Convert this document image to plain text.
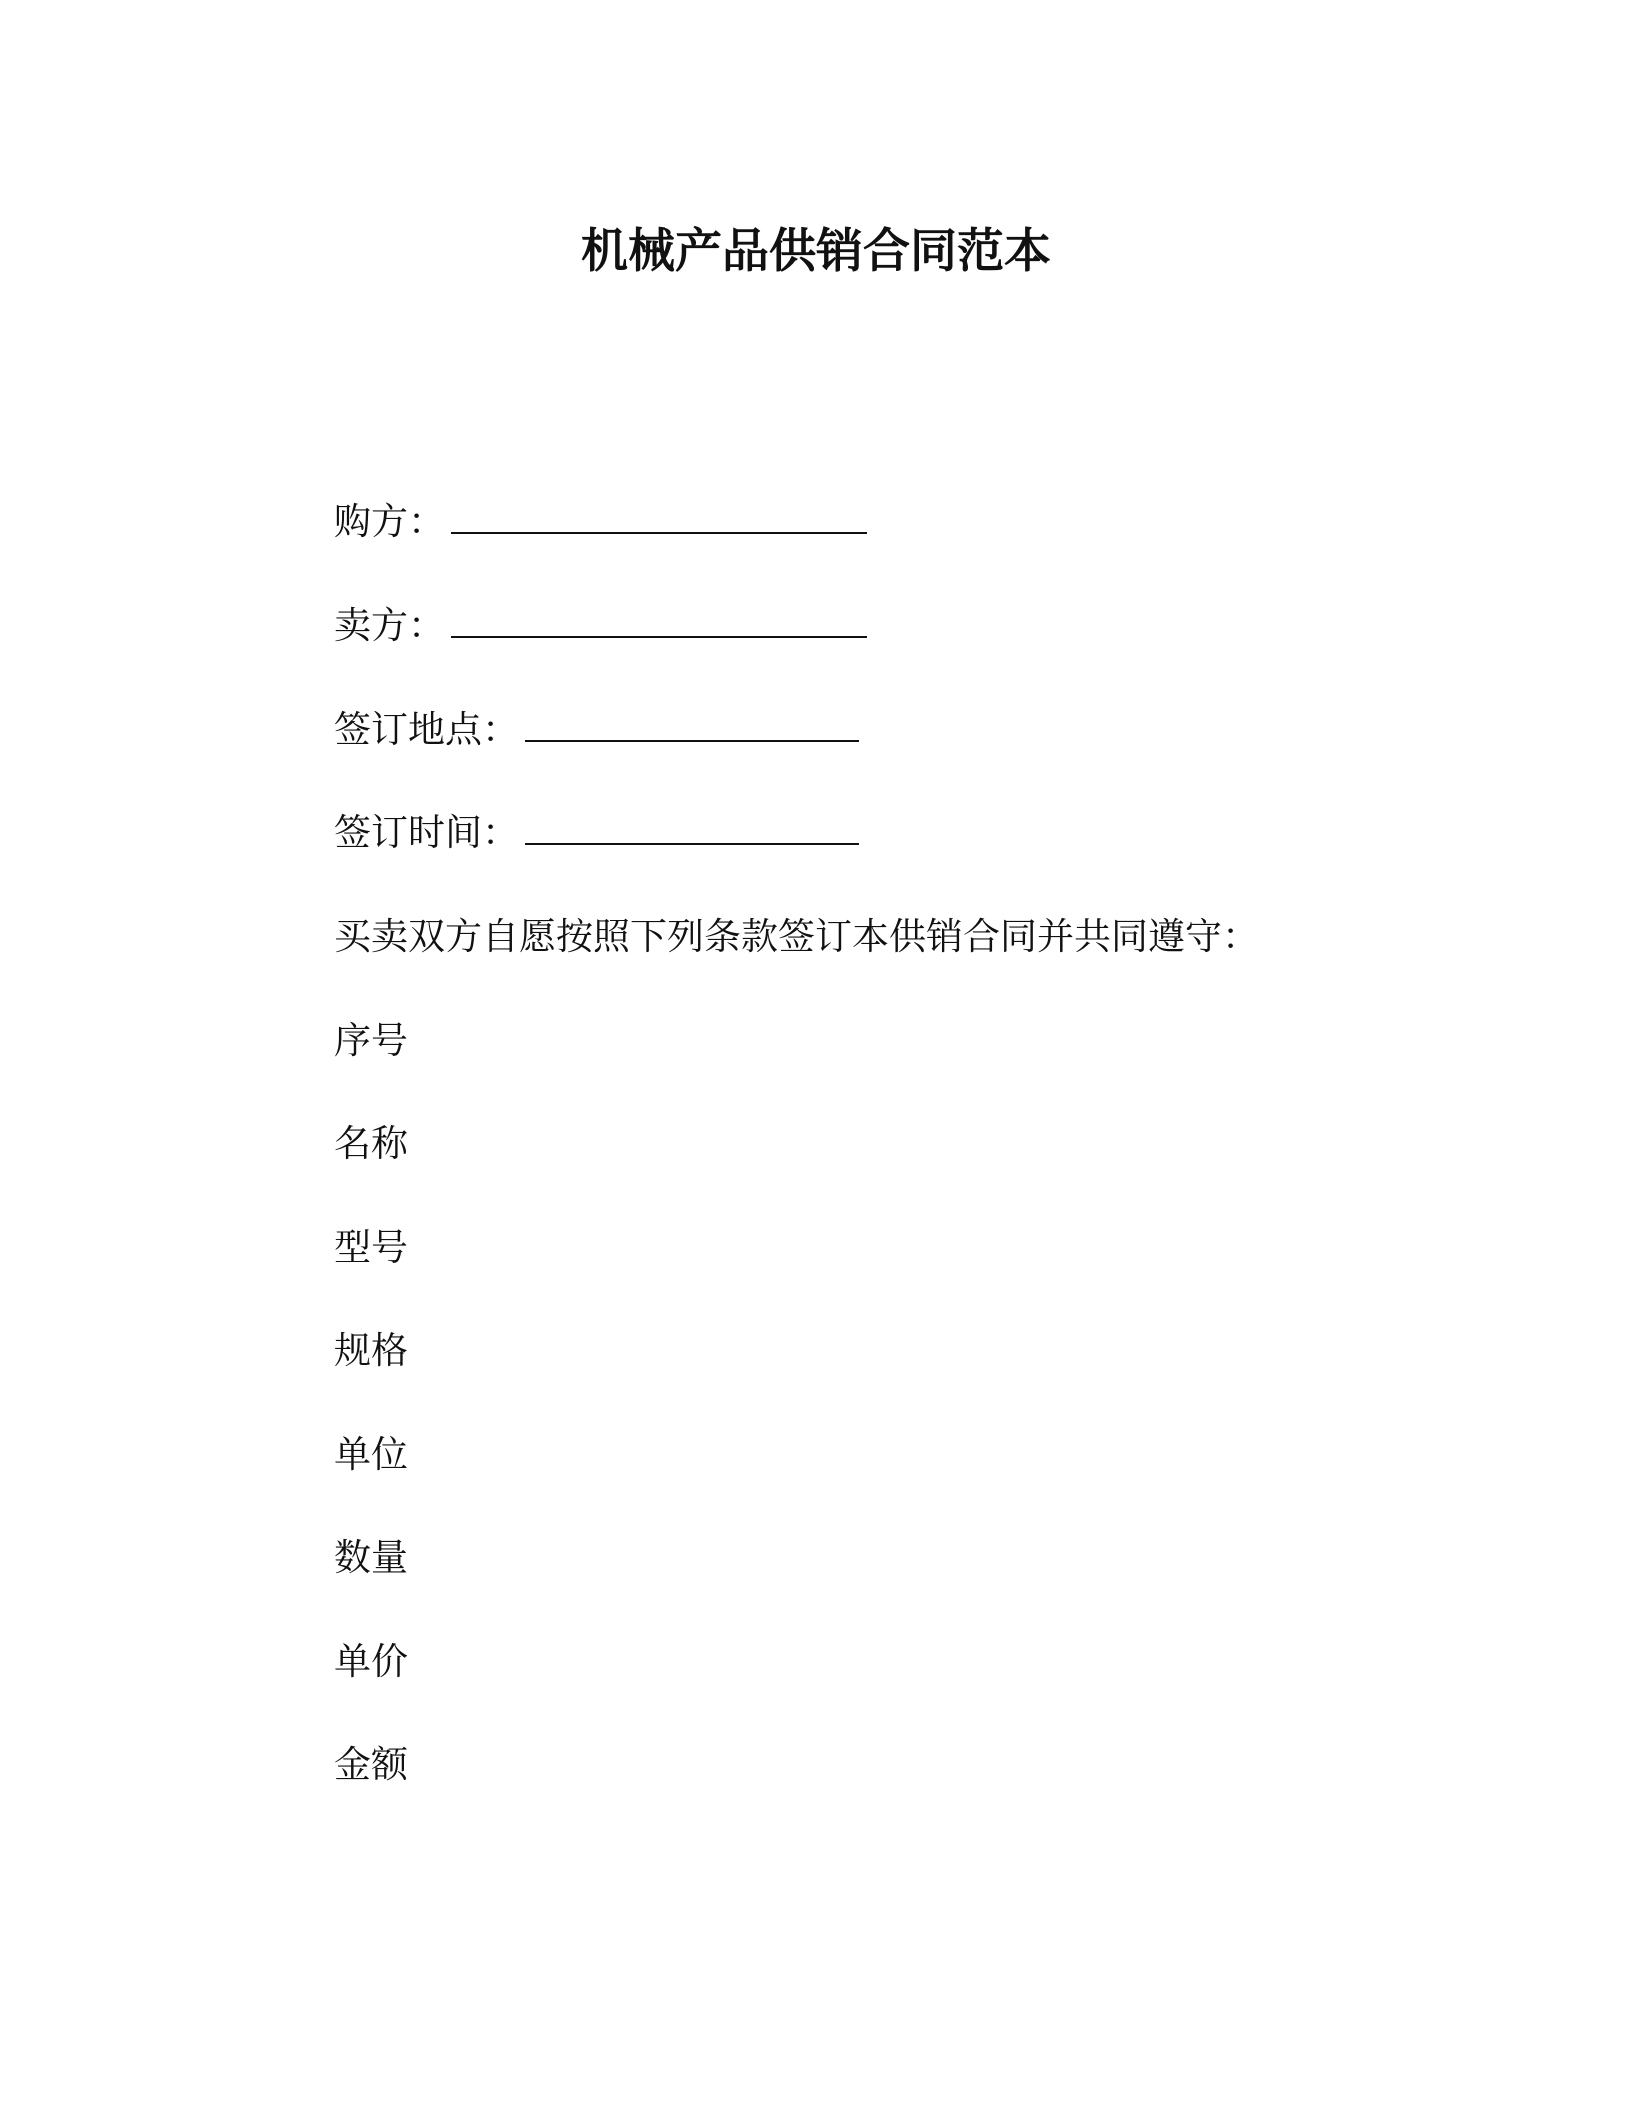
机械产品供销合同范本

购方：

卖方：

签订地点：

签订时间：

买卖双方自愿按照下列条款签订本供销合同并共同遵守：

序号

名称

型号

规格

单位

数量

单价

金额
